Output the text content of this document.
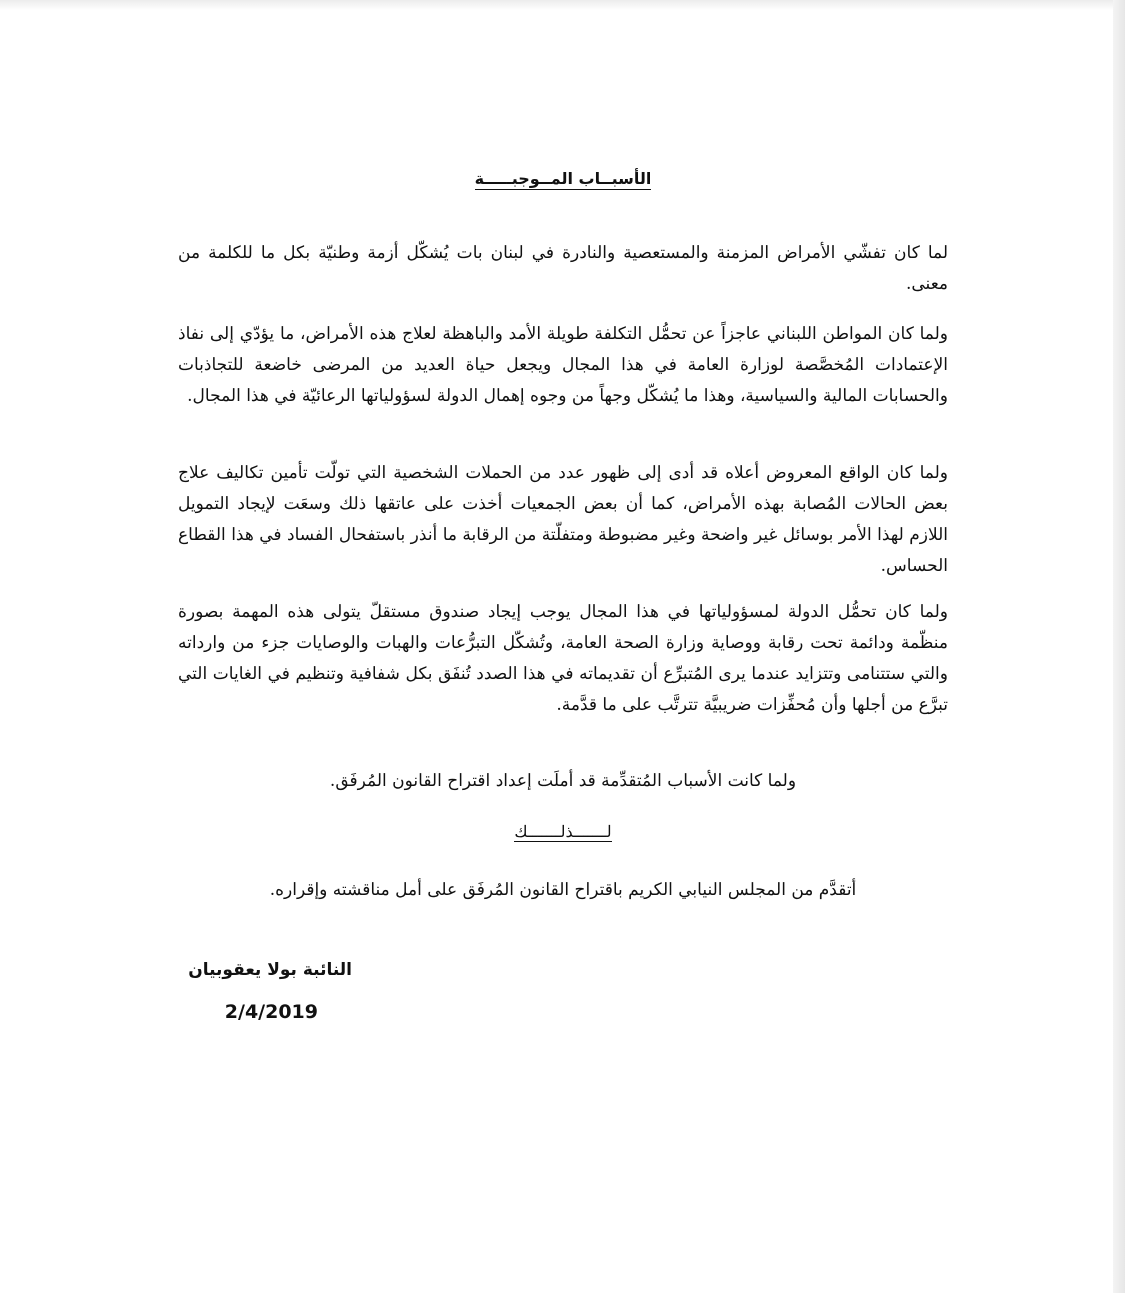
الأسبــاب المــوجبـــــة

لما كان تفشّي الأمراض المزمنة والمستعصية والنادرة في لبنان بات يُشكّل أزمة وطنيّة بكل ما للكلمة من معنى.

ولما كان المواطن اللبناني عاجزاً عن تحمُّل التكلفة طويلة الأمد والباهظة لعلاج هذه الأمراض، ما يؤدّي إلى نفاذ الإعتمادات المُخصَّصة لوزارة العامة في هذا المجال ويجعل حياة العديد من المرضى خاضعة للتجاذبات والحسابات المالية والسياسية، وهذا ما يُشكّل وجهاً من وجوه إهمال الدولة لسؤولياتها الرعائيّة في هذا المجال.

ولما كان الواقع المعروض أعلاه قد أدى إلى ظهور عدد من الحملات الشخصية التي تولّت تأمين تكاليف علاج بعض الحالات المُصابة بهذه الأمراض، كما أن بعض الجمعيات أخذت على عاتقها ذلك وسعَت لإيجاد التمويل اللازم لهذا الأمر بوسائل غير واضحة وغير مضبوطة ومتفلّتة من الرقابة ما أنذر باستفحال الفساد في هذا القطاع الحساس.

ولما كان تحمُّل الدولة لمسؤولياتها في هذا المجال يوجب إيجاد صندوق مستقلّ يتولى هذه المهمة بصورة منظّمة ودائمة تحت رقابة ووصاية وزارة الصحة العامة، وتُشكّل التبرُّعات والهبات والوصايات جزء من وارداته والتي ستتنامى وتتزايد عندما يرى المُتبرِّع أن تقديماته في هذا الصدد تُنفَق بكل شفافية وتنظيم في الغايات التي تبرَّع من أجلها وأن مُحفِّزات ضريبيَّة تترتَّب على ما قدَّمة.

ولما كانت الأسباب المُتقدِّمة قد أملَت إعداد اقتراح القانون المُرفَق.

لـــــــذلـــــــك

أتقدَّم من المجلس النيابي الكريم باقتراح القانون المُرفَق على أمل مناقشته وإقراره.

النائبة بولا يعقوبيان
2/4/2019
